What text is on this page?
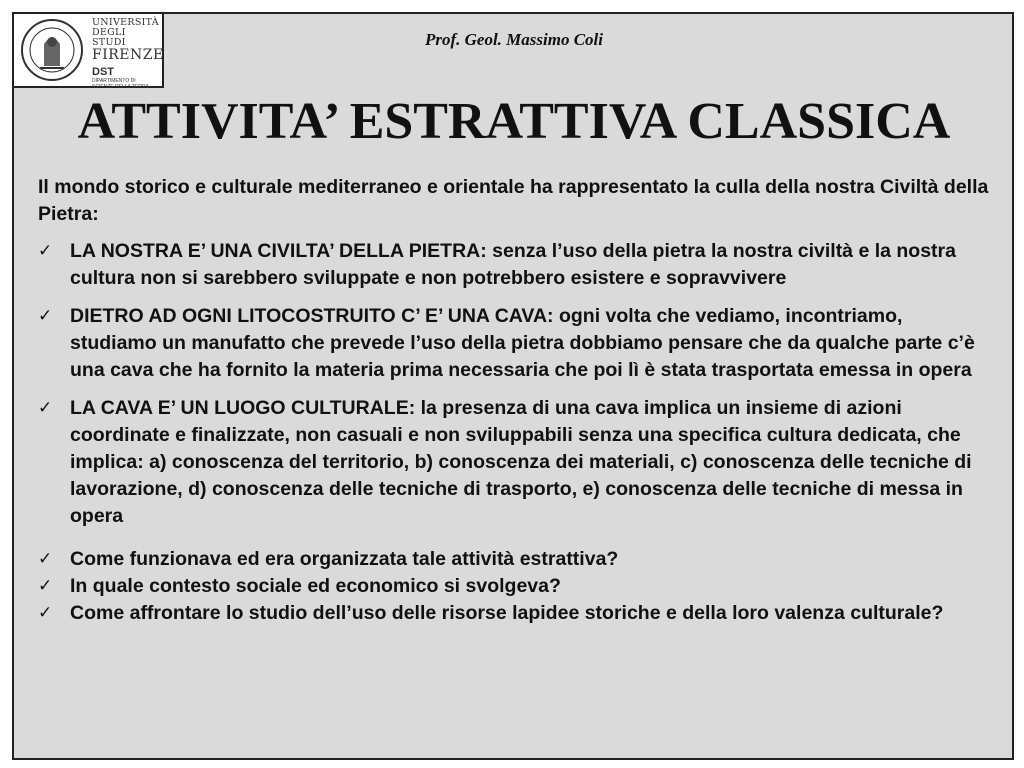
UNIVERSITÀ
DEGLI STUDI
FIRENZE
DST
DIPARTIMENTO DI
SCIENZE DELLA TERRA
Prof. Geol. Massimo Coli
ATTIVITA’ ESTRATTIVA CLASSICA

Il mondo storico e culturale mediterraneo e orientale ha rappresentato la culla della nostra Civiltà della Pietra:

✓ LA NOSTRA E’ UNA CIVILTA’ DELLA PIETRA: senza l’uso della pietra la nostra civiltà e la nostra cultura non si sarebbero sviluppate e non potrebbero esistere e sopravvivere
✓ DIETRO AD OGNI LITOCOSTRUITO C’ E’ UNA CAVA: ogni volta che vediamo, incontriamo, studiamo un manufatto che prevede l’uso della pietra dobbiamo pensare che da qualche parte c’è una cava che ha fornito la materia prima necessaria che poi lì è stata trasportata emessa in opera
✓ LA CAVA E’ UN LUOGO CULTURALE: la presenza di una cava implica un insieme di azioni coordinate e finalizzate, non casuali e non sviluppabili senza una specifica cultura dedicata, che implica: a) conoscenza del territorio, b) conoscenza dei materiali, c) conoscenza delle tecniche di lavorazione, d) conoscenza delle tecniche di trasporto, e) conoscenza delle tecniche di messa in opera
✓ Come funzionava ed era organizzata tale attività estrattiva?
✓ In quale contesto sociale ed economico si svolgeva?
✓ Come affrontare lo studio dell’uso delle risorse lapidee storiche e della loro valenza culturale?
